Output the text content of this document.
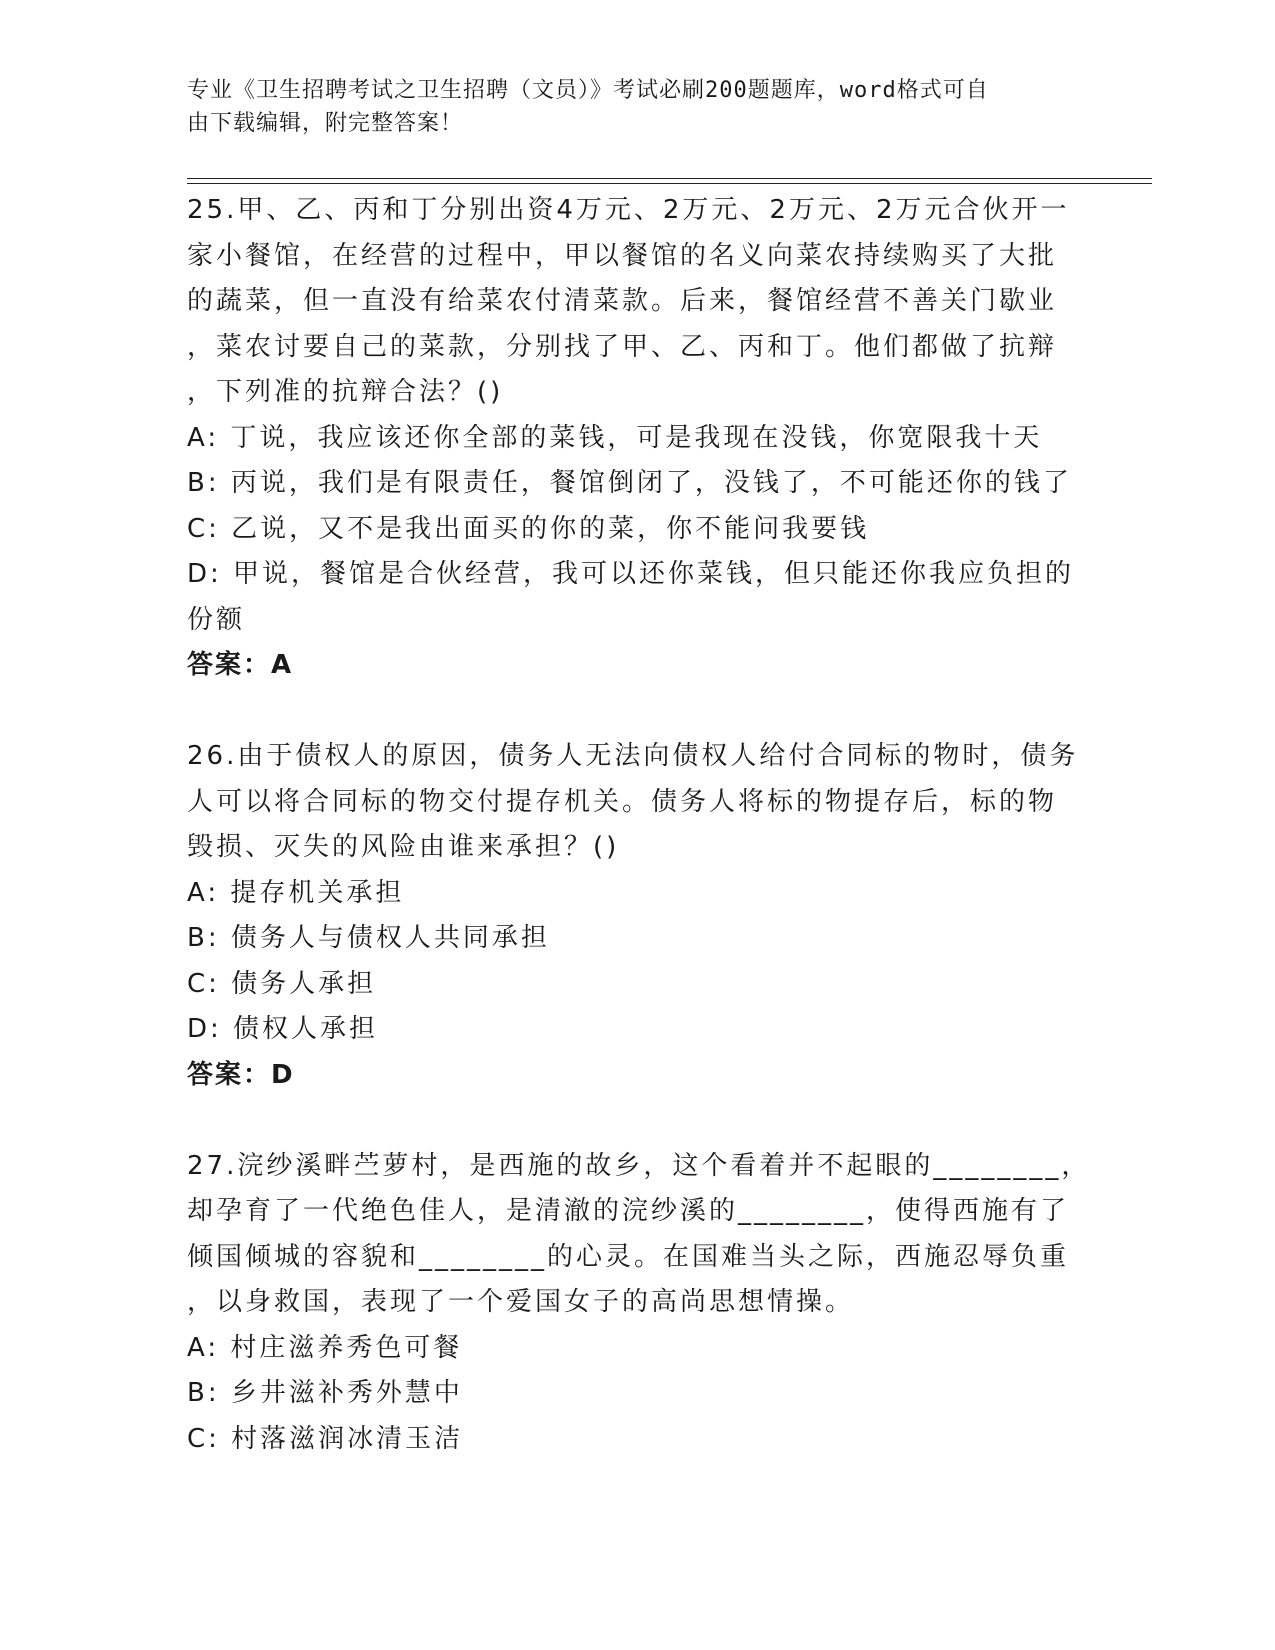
专业《卫生招聘考试之卫生招聘（文员）》考试必刷200题题库，word格式可自
由下载编辑，附完整答案！
25.甲、乙、丙和丁分别出资4万元、2万元、2万元、2万元合伙开一
家小餐馆，在经营的过程中，甲以餐馆的名义向菜农持续购买了大批
的蔬菜，但一直没有给菜农付清菜款。后来，餐馆经营不善关门歇业
，菜农讨要自己的菜款，分别找了甲、乙、丙和丁。他们都做了抗辩
，下列准的抗辩合法？()
A: 丁说，我应该还你全部的菜钱，可是我现在没钱，你宽限我十天
B: 丙说，我们是有限责任，餐馆倒闭了，没钱了，不可能还你的钱了
C: 乙说，又不是我出面买的你的菜，你不能问我要钱
D: 甲说，餐馆是合伙经营，我可以还你菜钱，但只能还你我应负担的
份额
答案：A
26.由于债权人的原因，债务人无法向债权人给付合同标的物时，债务
人可以将合同标的物交付提存机关。债务人将标的物提存后，标的物
毁损、灭失的风险由谁来承担？()
A: 提存机关承担
B: 债务人与债权人共同承担
C: 债务人承担
D: 债权人承担
答案：D
27.浣纱溪畔苎萝村，是西施的故乡，这个看着并不起眼的________，
却孕育了一代绝色佳人，是清澈的浣纱溪的________，使得西施有了
倾国倾城的容貌和________的心灵。在国难当头之际，西施忍辱负重
，以身救国，表现了一个爱国女子的高尚思想情操。
A: 村庄滋养秀色可餐
B: 乡井滋补秀外慧中
C: 村落滋润冰清玉洁
